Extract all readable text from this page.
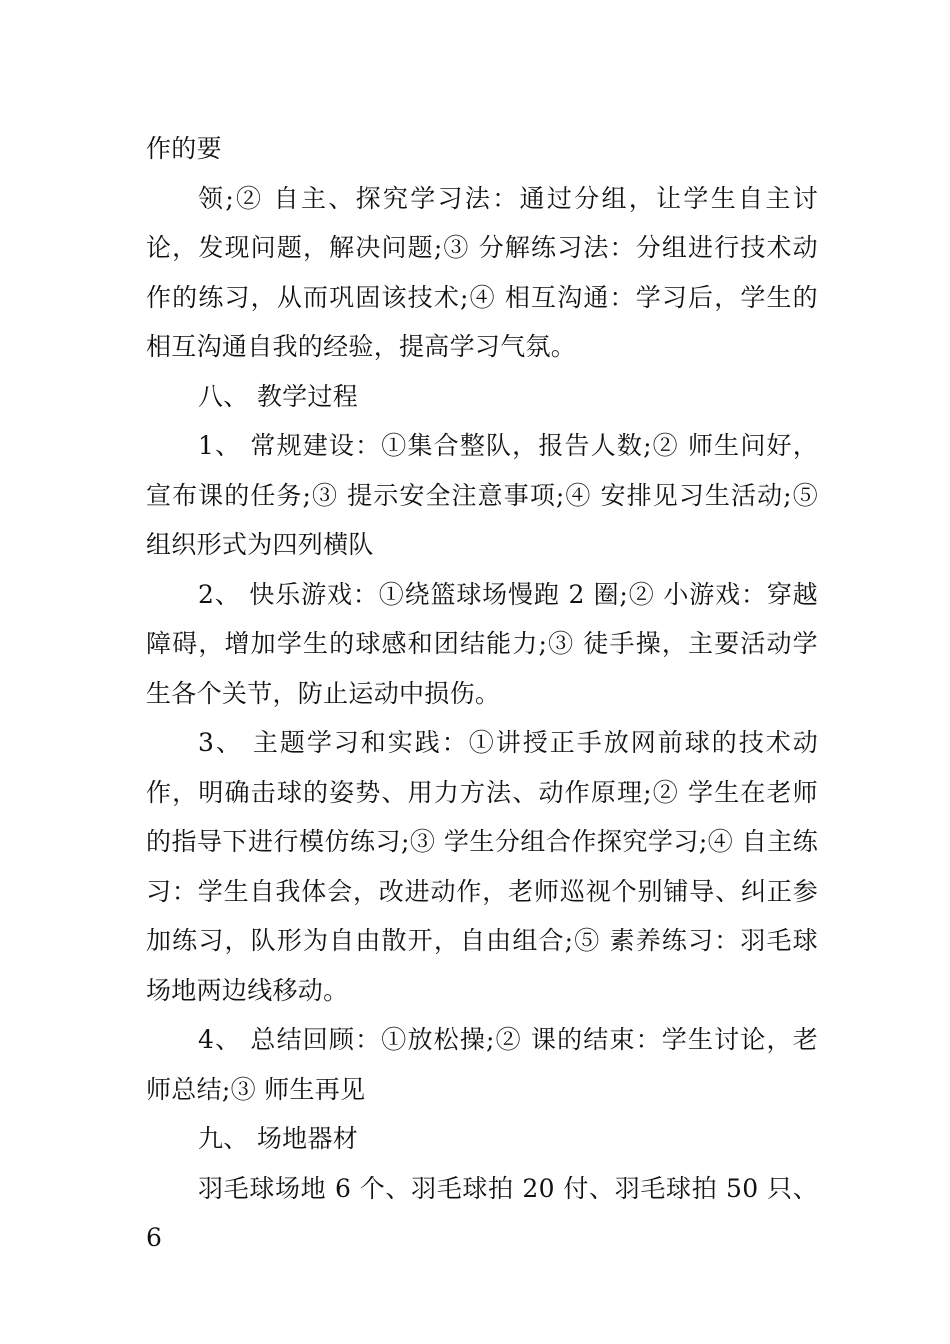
作的要

领;② 自主、探究学习法：通过分组，让学生自主讨论，发现问题，解决问题;③ 分解练习法：分组进行技术动作的练习，从而巩固该技术;④ 相互沟通：学习后，学生的相互沟通自我的经验，提高学习气氛。

八、 教学过程

1、 常规建设：①集合整队，报告人数;② 师生问好，宣布课的任务;③ 提示安全注意事项;④ 安排见习生活动;⑤ 组织形式为四列横队

2、 快乐游戏：①绕篮球场慢跑 2 圈;② 小游戏：穿越障碍，增加学生的球感和团结能力;③ 徒手操，主要活动学生各个关节，防止运动中损伤。

3、 主题学习和实践：①讲授正手放网前球的技术动作，明确击球的姿势、用力方法、动作原理;② 学生在老师的指导下进行模仿练习;③ 学生分组合作探究学习;④ 自主练习：学生自我体会，改进动作，老师巡视个别铺导、纠正参加练习，队形为自由散开，自由组合;⑤ 素养练习：羽毛球场地两边线移动。

4、 总结回顾：①放松操;② 课的结束：学生讨论，老师总结;③ 师生再见

九、 场地器材

羽毛球场地 6 个、羽毛球拍 20 付、羽毛球拍 50 只、6
